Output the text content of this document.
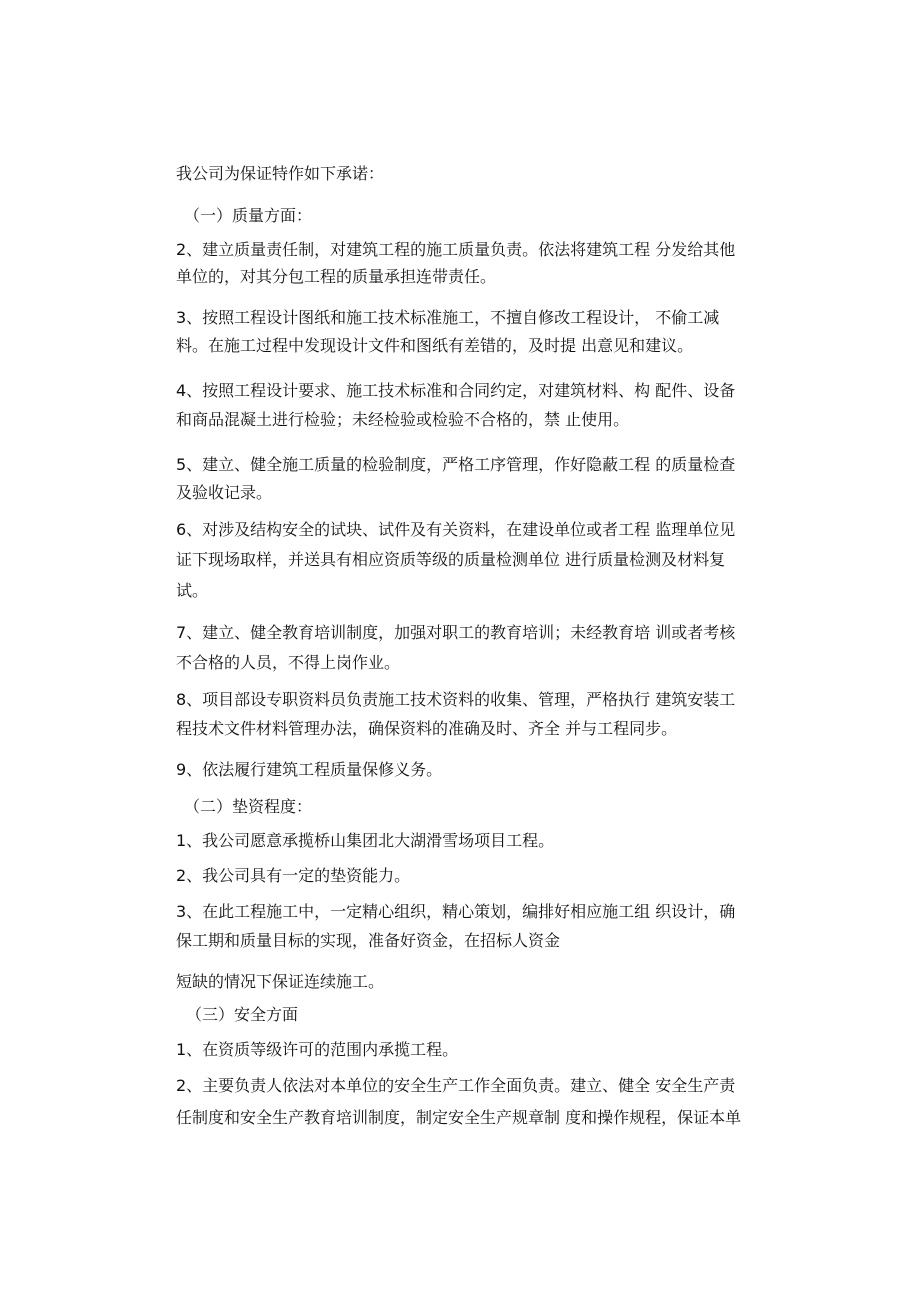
我公司为保证特作如下承诺：
（一）质量方面：
2、建立质量责任制，对建筑工程的施工质量负责。依法将建筑工程 分发给其他
单位的，对其分包工程的质量承担连带责任。
3、按照工程设计图纸和施工技术标准施工，不擅自修改工程设计， 不偷工减
料。在施工过程中发现设计文件和图纸有差错的，及时提 出意见和建议。
4、按照工程设计要求、施工技术标准和合同约定，对建筑材料、构 配件、设备
和商品混凝土进行检验；未经检验或检验不合格的，禁 止使用。
5、建立、健全施工质量的检验制度，严格工序管理，作好隐蔽工程 的质量检查
及验收记录。
6、对涉及结构安全的试块、试件及有关资料，在建设单位或者工程 监理单位见
证下现场取样，并送具有相应资质等级的质量检测单位 进行质量检测及材料复
试。
7、建立、健全教育培训制度，加强对职工的教育培训；未经教育培 训或者考核
不合格的人员，不得上岗作业。
8、项目部设专职资料员负责施工技术资料的收集、管理，严格执行 建筑安装工
程技术文件材料管理办法，确保资料的准确及时、齐全 并与工程同步。
9、依法履行建筑工程质量保修义务。
（二）垫资程度：
1、我公司愿意承揽桥山集团北大湖滑雪场项目工程。
2、我公司具有一定的垫资能力。
3、在此工程施工中，一定精心组织，精心策划，编排好相应施工组 织设计，确
保工期和质量目标的实现，准备好资金，在招标人资金
短缺的情况下保证连续施工。
（三）安全方面
1、在资质等级许可的范围内承揽工程。
2、主要负责人依法对本单位的安全生产工作全面负责。建立、健全 安全生产责
任制度和安全生产教育培训制度，制定安全生产规章制 度和操作规程，保证本单
